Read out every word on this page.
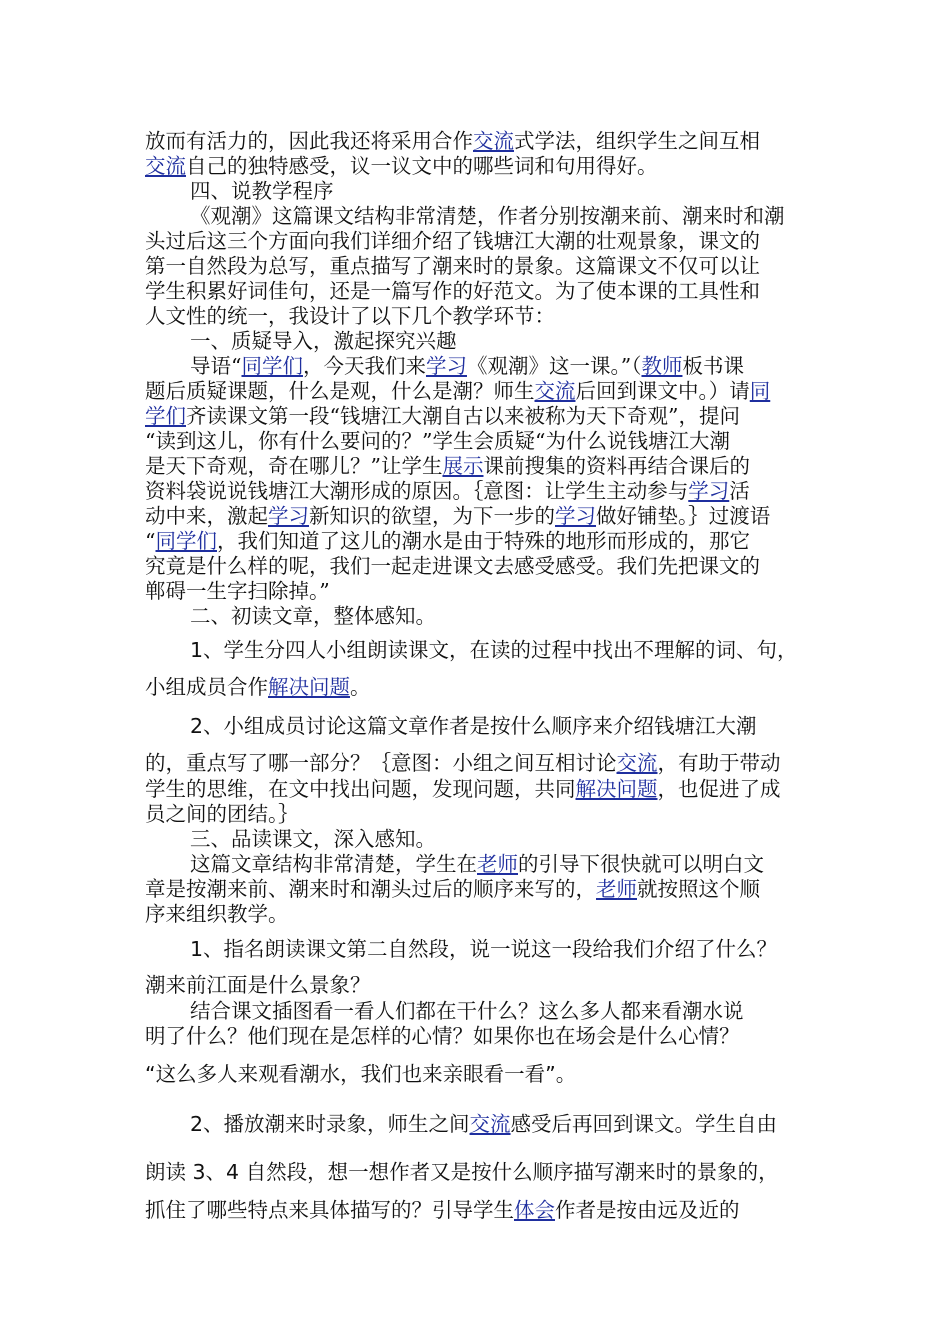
放而有活力的，因此我还将采用合作交流式学法，组织学生之间互相
交流自己的独特感受，议一议文中的哪些词和句用得好。
四、说教学程序
《观潮》这篇课文结构非常清楚，作者分别按潮来前、潮来时和潮
头过后这三个方面向我们详细介绍了钱塘江大潮的壮观景象，课文的
第一自然段为总写，重点描写了潮来时的景象。这篇课文不仅可以让
学生积累好词佳句，还是一篇写作的好范文。为了使本课的工具性和
人文性的统一，我设计了以下几个教学环节：
一、质疑导入，激起探究兴趣
导语“同学们，今天我们来学习《观潮》这一课。”（教师板书课
题后质疑课题，什么是观，什么是潮？师生交流后回到课文中。）请同
学们齐读课文第一段“钱塘江大潮自古以来被称为天下奇观”，提问
“读到这儿，你有什么要问的？”学生会质疑“为什么说钱塘江大潮
是天下奇观，奇在哪儿？”让学生展示课前搜集的资料再结合课后的
资料袋说说钱塘江大潮形成的原因。｛意图：让学生主动参与学习活
动中来，激起学习新知识的欲望，为下一步的学习做好铺垫。｝过渡语
“同学们，我们知道了这儿的潮水是由于特殊的地形而形成的，那它
究竟是什么样的呢，我们一起走进课文去感受感受。我们先把课文的
郸碍一生字扫除掉。”
二、初读文章，整体感知。
1、学生分四人小组朗读课文，在读的过程中找出不理解的词、句，
小组成员合作解决问题。
2、小组成员讨论这篇文章作者是按什么顺序来介绍钱塘江大潮
的，重点写了哪一部分？｛意图：小组之间互相讨论交流，有助于带动
学生的思维，在文中找出问题，发现问题，共同解决问题，也促进了成
员之间的团结。｝
三、品读课文，深入感知。
这篇文章结构非常清楚，学生在老师的引导下很快就可以明白文
章是按潮来前、潮来时和潮头过后的顺序来写的，老师就按照这个顺
序来组织教学。
1、指名朗读课文第二自然段，说一说这一段给我们介绍了什么？
潮来前江面是什么景象？
结合课文插图看一看人们都在干什么？这么多人都来看潮水说
明了什么？他们现在是怎样的心情？如果你也在场会是什么心情？
“这么多人来观看潮水，我们也来亲眼看一看”。
2、播放潮来时录象，师生之间交流感受后再回到课文。学生自由
朗读 3、4 自然段，想一想作者又是按什么顺序描写潮来时的景象的，
抓住了哪些特点来具体描写的？引导学生体会作者是按由远及近的
